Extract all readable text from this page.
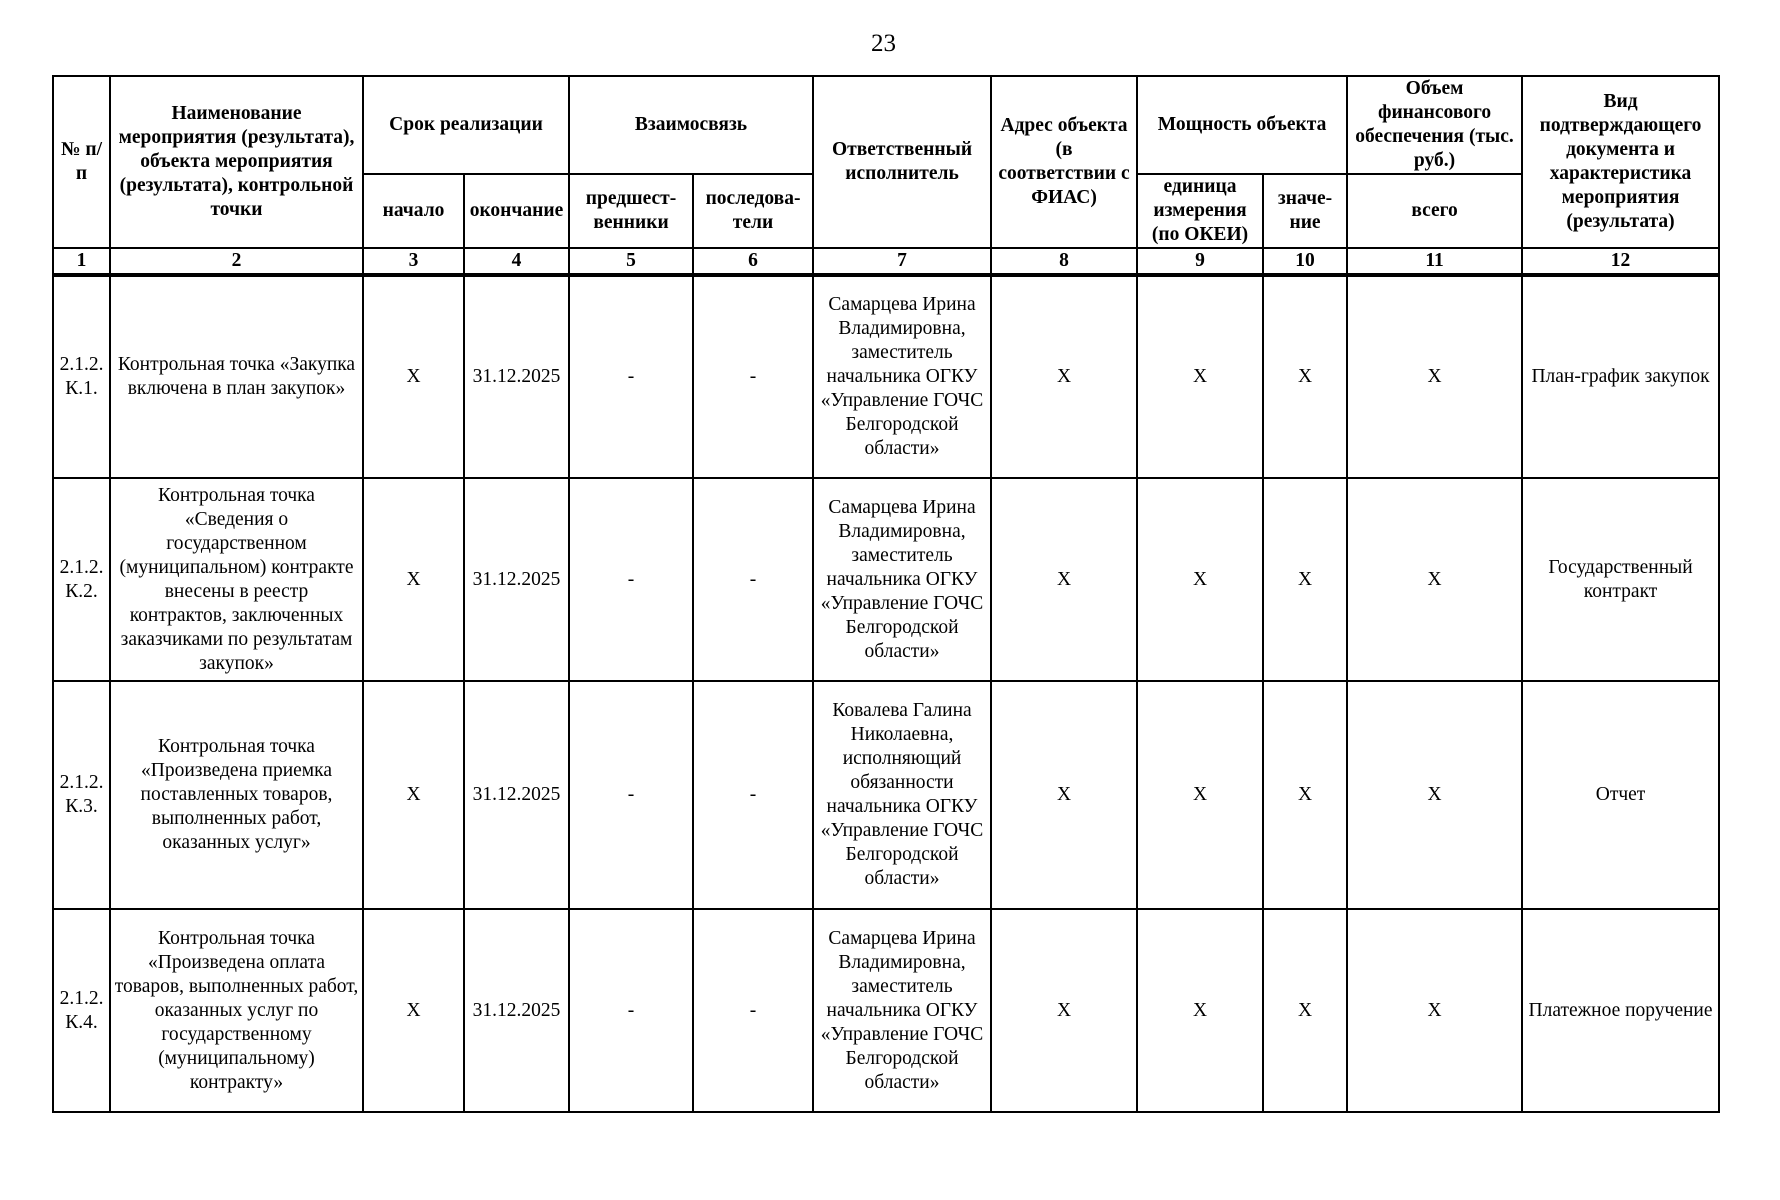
23
№ п/п	Наименование мероприятия (результата), объекта мероприятия (результата), контрольной точки	Срок реализации		Взаимосвязь		Ответственный исполнитель	Адрес объекта (в соответствии с ФИАС)	Мощность объекта		Объем финансового обеспечения (тыс. руб.)	Вид подтверждающего документа и характеристика мероприятия (результата)
		начало	окончание	предшест-венники	последова-тели			единица измерения (по ОКЕИ)	значе-ние	всего	
1	2	3	4	5	6	7	8	9	10	11	12
2.1.2. К.1.	Контрольная точка «Закупка включена в план закупок»	X	31.12.2025	-	-	Самарцева Ирина Владимировна, заместитель начальника ОГКУ «Управление ГОЧС Белгородской области»	X	X	X	X	План-график закупок
2.1.2. К.2.	Контрольная точка «Сведения о государственном (муниципальном) контракте внесены в реестр контрактов, заключенных заказчиками по результатам закупок»	X	31.12.2025	-	-	Самарцева Ирина Владимировна, заместитель начальника ОГКУ «Управление ГОЧС Белгородской области»	X	X	X	X	Государственный контракт
2.1.2. К.3.	Контрольная точка «Произведена приемка поставленных товаров, выполненных работ, оказанных услуг»	X	31.12.2025	-	-	Ковалева Галина Николаевна, исполняющий обязанности начальника ОГКУ «Управление ГОЧС Белгородской области»	X	X	X	X	Отчет
2.1.2. К.4.	Контрольная точка «Произведена оплата товаров, выполненных работ, оказанных услуг по государственному (муниципальному) контракту»	X	31.12.2025	-	-	Самарцева Ирина Владимировна, заместитель начальника ОГКУ «Управление ГОЧС Белгородской области»	X	X	X	X	Платежное поручение
